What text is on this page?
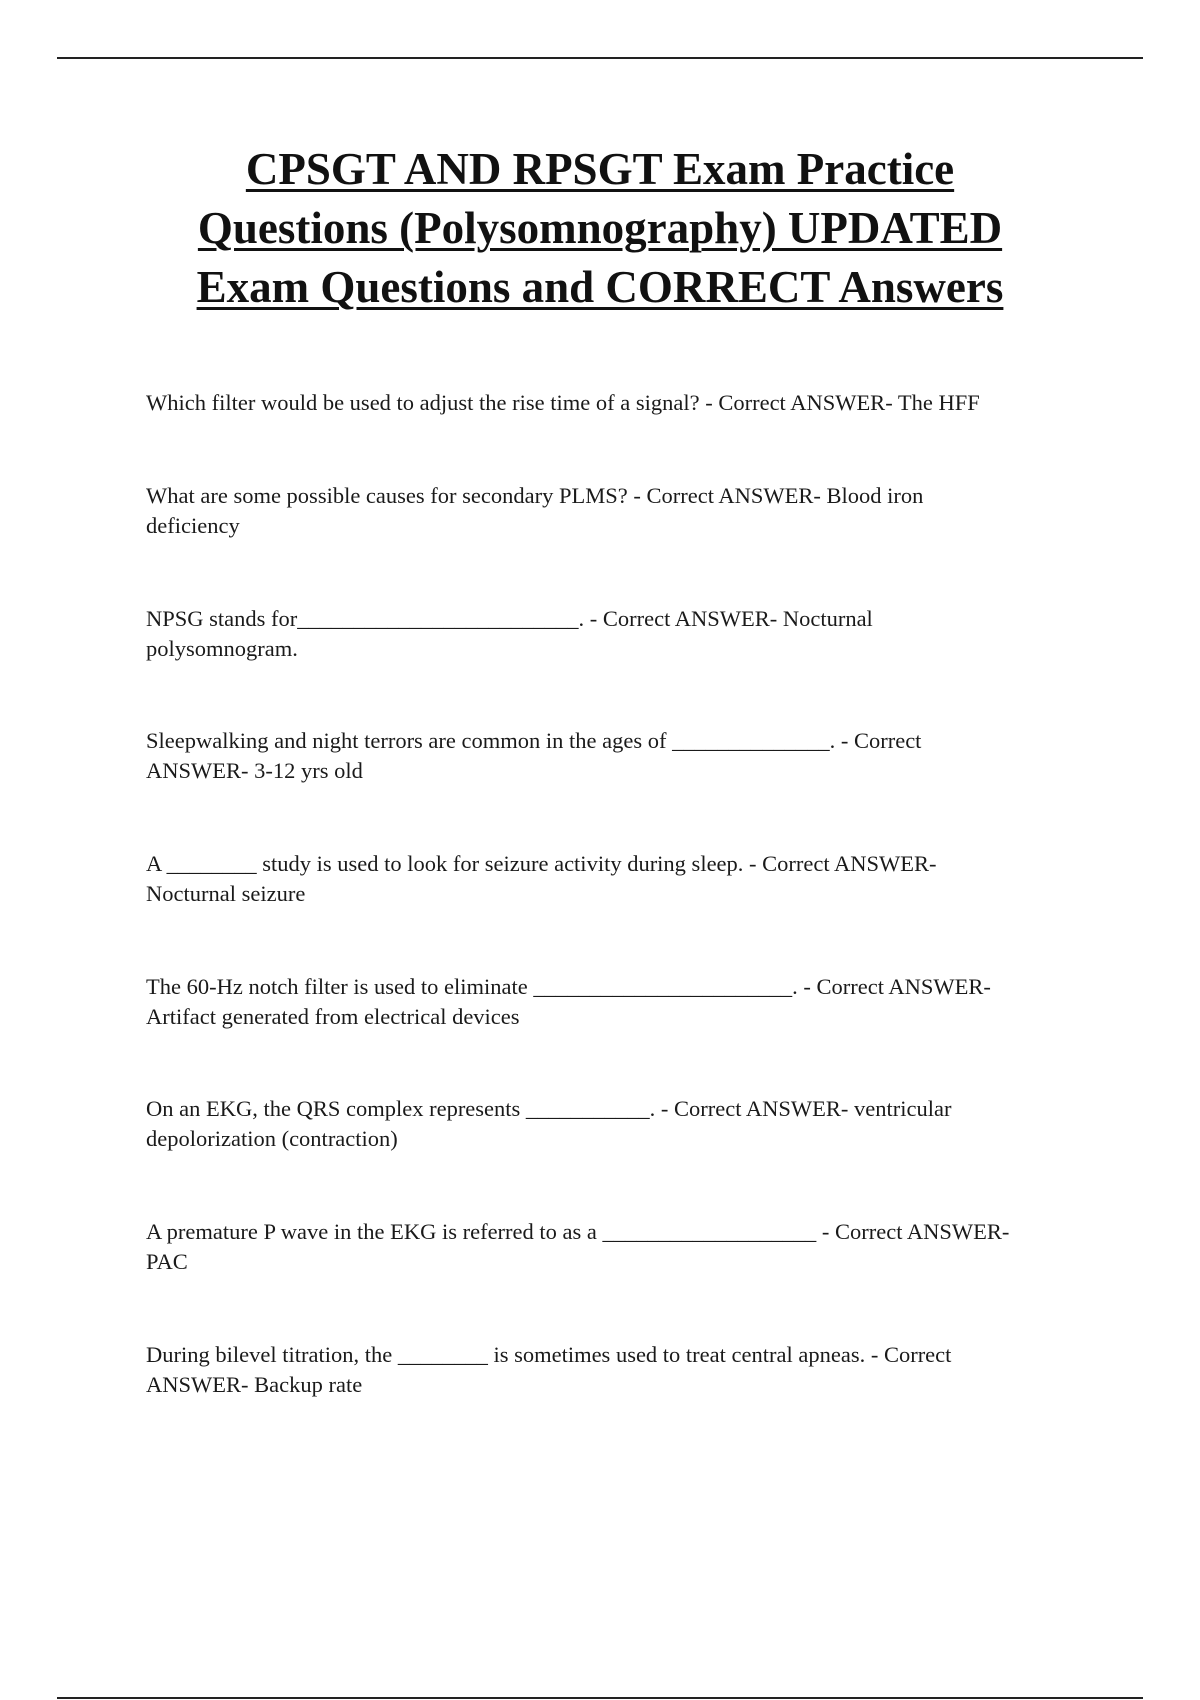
CPSGT AND RPSGT Exam Practice
Questions (Polysomnography) UPDATED
Exam Questions and CORRECT Answers
Which filter would be used to adjust the rise time of a signal? - Correct ANSWER- The HFF
What are some possible causes for secondary PLMS? - Correct ANSWER- Blood iron
deficiency
NPSG stands for_________________________. - Correct ANSWER- Nocturnal
polysomnogram.
Sleepwalking and night terrors are common in the ages of ______________. - Correct
ANSWER- 3-12 yrs old
A ________ study is used to look for seizure activity during sleep. - Correct ANSWER-
Nocturnal seizure
The 60-Hz notch filter is used to eliminate _______________________. - Correct ANSWER-
Artifact generated from electrical devices
On an EKG, the QRS complex represents ___________. - Correct ANSWER- ventricular
depolorization (contraction)
A premature P wave in the EKG is referred to as a ___________________ - Correct ANSWER-
PAC
During bilevel titration, the ________ is sometimes used to treat central apneas. - Correct
ANSWER- Backup rate
